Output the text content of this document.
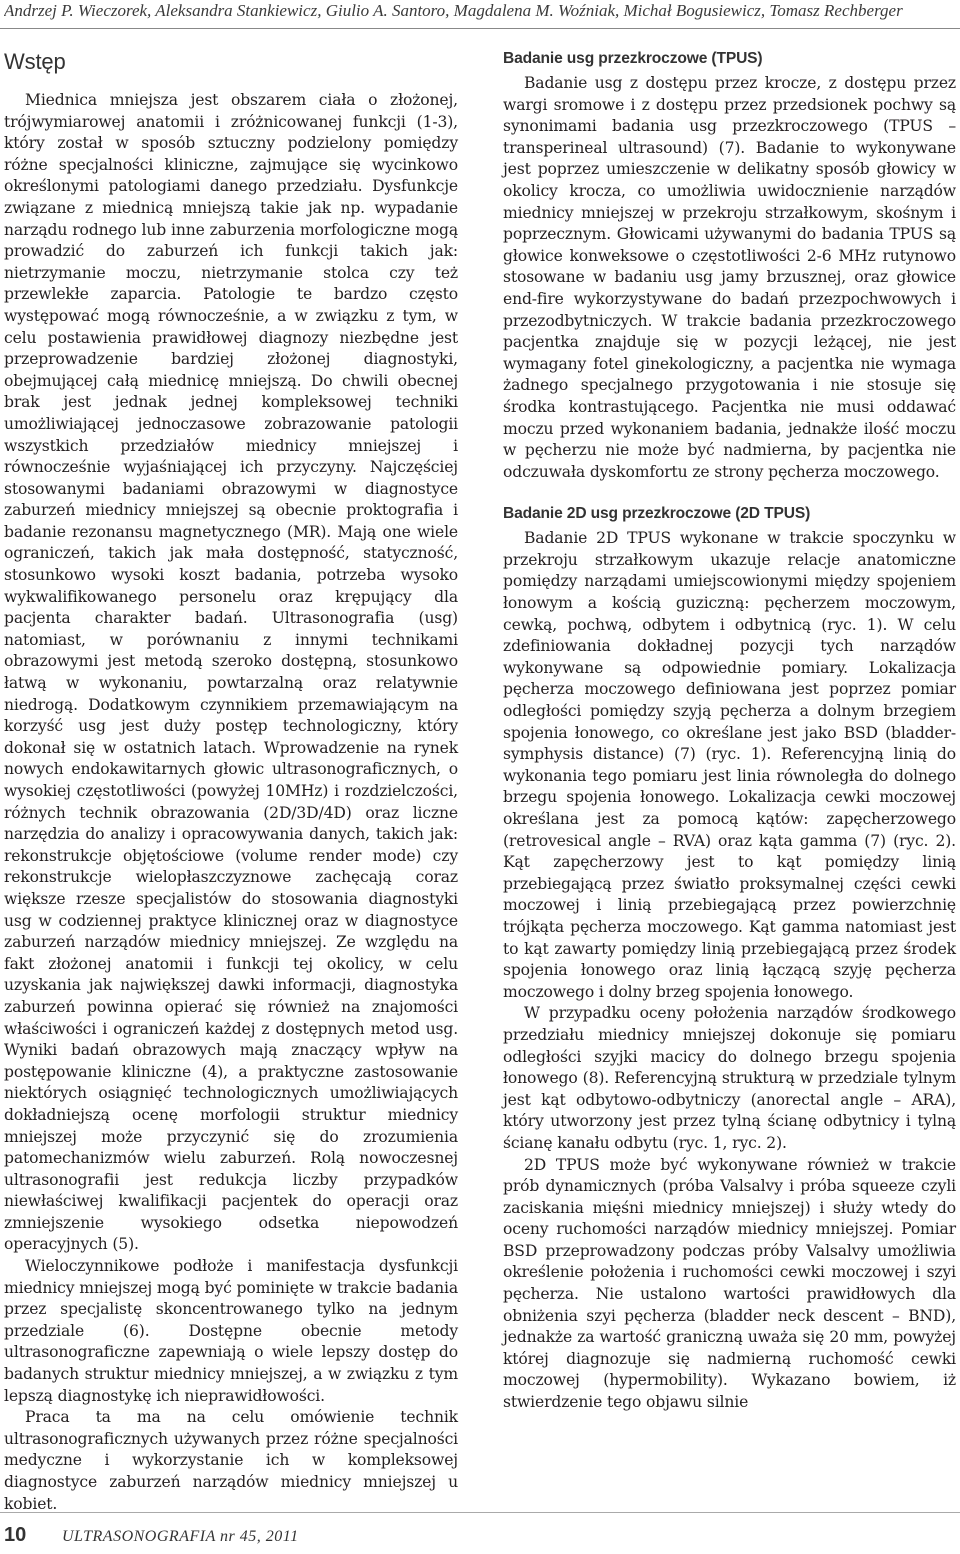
Andrzej P. Wieczorek, Aleksandra Stankiewicz, Giulio A. Santoro, Magdalena M. Woźniak, Michał Bogusiewicz, Tomasz Rechberger
Wstęp

Miednica mniejsza jest obszarem ciała o złożonej, trójwymiarowej anatomii i zróżnicowanej funkcji (1-3), który został w sposób sztuczny podzielony pomiędzy różne specjalności kliniczne, zajmujące się wycinkowo określonymi patologiami danego przedziału. Dysfunkcje związane z miednicą mniejszą takie jak np. wypadanie narządu rodnego lub inne zaburzenia morfologiczne mogą prowadzić do zaburzeń ich funkcji takich jak: nietrzymanie moczu, nietrzymanie stolca czy też przewlekłe zaparcia. Patologie te bardzo często występować mogą równocześnie, a w związku z tym, w celu postawienia prawidłowej diagnozy niezbędne jest przeprowadzenie bardziej złożonej diagnostyki, obejmującej całą miednicę mniejszą. Do chwili obecnej brak jest jednak jednej kompleksowej techniki umożliwiającej jednoczasowe zobrazowanie patologii wszystkich przedziałów miednicy mniejszej i równocześnie wyjaśniającej ich przyczyny. Najczęściej stosowanymi badaniami obrazowymi w diagnostyce zaburzeń miednicy mniejszej są obecnie proktografia i badanie rezonansu magnetycznego (MR). Mają one wiele ograniczeń, takich jak mała dostępność, statyczność, stosunkowo wysoki koszt badania, potrzeba wysoko wykwalifikowanego personelu oraz krępujący dla pacjenta charakter badań. Ultrasonografia (usg) natomiast, w porównaniu z innymi technikami obrazowymi jest metodą szeroko dostępną, stosunkowo łatwą w wykonaniu, powtarzalną oraz relatywnie niedrogą. Dodatkowym czynnikiem przemawiającym na korzyść usg jest duży postęp technologiczny, który dokonał się w ostatnich latach. Wprowadzenie na rynek nowych endokawitarnych głowic ultrasonograficznych, o wysokiej częstotliwości (powyżej 10MHz) i rozdzielczości, różnych technik obrazowania (2D/3D/4D) oraz liczne narzędzia do analizy i opracowywania danych, takich jak: rekonstrukcje objętościowe (volume render mode) czy rekonstrukcje wielopłaszczyznowe zachęcają coraz większe rzesze specjalistów do stosowania diagnostyki usg w codziennej praktyce klinicznej oraz w diagnostyce zaburzeń narządów miednicy mniejszej. Ze względu na fakt złożonej anatomii i funkcji tej okolicy, w celu uzyskania jak największej dawki informacji, diagnostyka zaburzeń powinna opierać się również na znajomości właściwości i ograniczeń każdej z dostępnych metod usg. Wyniki badań obrazowych mają znaczący wpływ na postępowanie kliniczne (4), a praktyczne zastosowanie niektórych osiągnięć technologicznych umożliwiających dokładniejszą ocenę morfologii struktur miednicy mniejszej może przyczynić się do zrozumienia patomechanizmów wielu zaburzeń. Rolą nowoczesnej ultrasonografii jest redukcja liczby przypadków niewłaściwej kwalifikacji pacjentek do operacji oraz zmniejszenie wysokiego odsetka niepowodzeń operacyjnych (5).

Wieloczynnikowe podłoże i manifestacja dysfunkcji miednicy mniejszej mogą być pominięte w trakcie badania przez specjalistę skoncentrowanego tylko na jednym przedziale (6). Dostępne obecnie metody ultrasonograficzne zapewniają o wiele lepszy dostęp do badanych struktur miednicy mniejszej, a w związku z tym lepszą diagnostykę ich nieprawidłowości.

Praca ta ma na celu omówienie technik ultrasonograficznych używanych przez różne specjalności medyczne i wykorzystanie ich w kompleksowej diagnostyce zaburzeń narządów miednicy mniejszej u kobiet.

Badanie usg przezkroczowe (TPUS)

Badanie usg z dostępu przez krocze, z dostępu przez wargi sromowe i z dostępu przez przedsionek pochwy są synonimami badania usg przezkroczowego (TPUS – transperineal ultrasound) (7). Badanie to wykonywane jest poprzez umieszczenie w delikatny sposób głowicy w okolicy krocza, co umożliwia uwidocznienie narządów miednicy mniejszej w przekroju strzałkowym, skośnym i poprzecznym. Głowicami używanymi do badania TPUS są głowice konweksowe o częstotliwości 2-6 MHz rutynowo stosowane w badaniu usg jamy brzusznej, oraz głowice end-fire wykorzystywane do badań przezpochwowych i przezodbytniczych. W trakcie badania przezkroczowego pacjentka znajduje się w pozycji leżącej, nie jest wymagany fotel ginekologiczny, a pacjentka nie wymaga żadnego specjalnego przygotowania i nie stosuje się środka kontrastującego. Pacjentka nie musi oddawać moczu przed wykonaniem badania, jednakże ilość moczu w pęcherzu nie może być nadmierna, by pacjentka nie odczuwała dyskomfortu ze strony pęcherza moczowego.

Badanie 2D usg przezkroczowe (2D TPUS)

Badanie 2D TPUS wykonane w trakcie spoczynku w przekroju strzałkowym ukazuje relacje anatomiczne pomiędzy narządami umiejscowionymi między spojeniem łonowym a kością guziczną: pęcherzem moczowym, cewką, pochwą, odbytem i odbytnicą (ryc. 1). W celu zdefiniowania dokładnej pozycji tych narządów wykonywane są odpowiednie pomiary. Lokalizacja pęcherza moczowego definiowana jest poprzez pomiar odległości pomiędzy szyją pęcherza a dolnym brzegiem spojenia łonowego, co określane jest jako BSD (bladder-symphysis distance) (7) (ryc. 1). Referencyjną linią do wykonania tego pomiaru jest linia równoległa do dolnego brzegu spojenia łonowego. Lokalizacja cewki moczowej określana jest za pomocą kątów: zapęcherzowego (retrovesical angle – RVA) oraz kąta gamma (7) (ryc. 2). Kąt zapęcherzowy jest to kąt pomiędzy linią przebiegającą przez światło proksymalnej części cewki moczowej i linią przebiegającą przez powierzchnię trójkąta pęcherza moczowego. Kąt gamma natomiast jest to kąt zawarty pomiędzy linią przebiegającą przez środek spojenia łonowego oraz linią łączącą szyję pęcherza moczowego i dolny brzeg spojenia łonowego.

W przypadku oceny położenia narządów środkowego przedziału miednicy mniejszej dokonuje się pomiaru odległości szyjki macicy do dolnego brzegu spojenia łonowego (8). Referencyjną strukturą w przedziale tylnym jest kąt odbytowo-odbytniczy (anorectal angle – ARA), który utworzony jest przez tylną ścianę odbytnicy i tylną ścianę kanału odbytu (ryc. 1, ryc. 2).

2D TPUS może być wykonywane również w trakcie prób dynamicznych (próba Valsalvy i próba squeeze czyli zaciskania mięśni miednicy mniejszej) i służy wtedy do oceny ruchomości narządów miednicy mniejszej. Pomiar BSD przeprowadzony podczas próby Valsalvy umożliwia określenie położenia i ruchomości cewki moczowej i szyi pęcherza. Nie ustalono wartości prawidłowych dla obniżenia szyi pęcherza (bladder neck descent – BND), jednakże za wartość graniczną uważa się 20 mm, powyżej której diagnozuje się nadmierną ruchomość cewki moczowej (hypermobility). Wykazano bowiem, iż stwierdzenie tego objawu silnie

10 ULTRASONOGRAFIA nr 45, 2011
